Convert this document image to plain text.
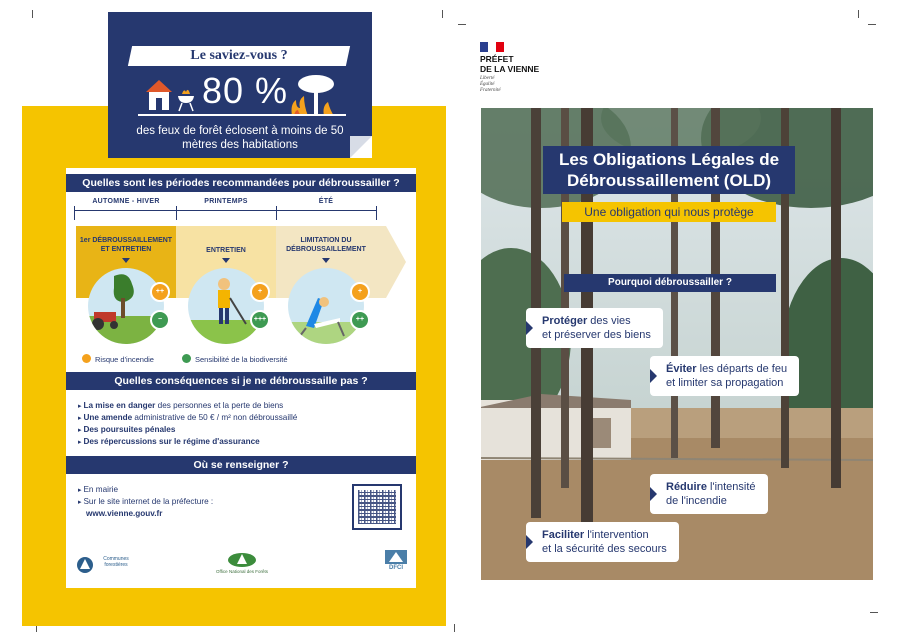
Le saviez-vous ?
80 %
des feux de forêt éclosent à moins de 50 mètres des habitations
Quelles sont les périodes recommandées pour débroussailler ?
AUTOMNE - HIVER	PRINTEMPS	ÉTÉ
1er DÉBROUSSAILLEMENT ET ENTRETIEN	ENTRETIEN
LIMITATION DU DÉBROUSSAILLEMENT
++
−
+
+++
+
++
Risque d'incendie	Sensibilité de la biodiversité
Quelles conséquences si je ne débroussaille pas ?
▸ La mise en danger des personnes et la perte de biens
▸ Une amende administrative de 50 € / m² non débroussaillé
▸ Des poursuites pénales
▸ Des répercussions sur le régime d'assurance
Où se renseigner ?
▸ En mairie
▸ Sur le site internet de la préfecture :
www.vienne.gouv.fr
Communes forestières
Office National des Forêts
DFCI
PRÉFET
DE LA VIENNE
Liberté
Égalité
Fraternité
Les Obligations Légales de Débroussaillement (OLD)
Une obligation qui nous protège
Pourquoi débroussailler ?
Protéger des vies
et préserver des biens
Éviter les départs de feu
et limiter sa propagation
Réduire l'intensité
de l'incendie
Faciliter l'intervention
et la sécurité des secours
